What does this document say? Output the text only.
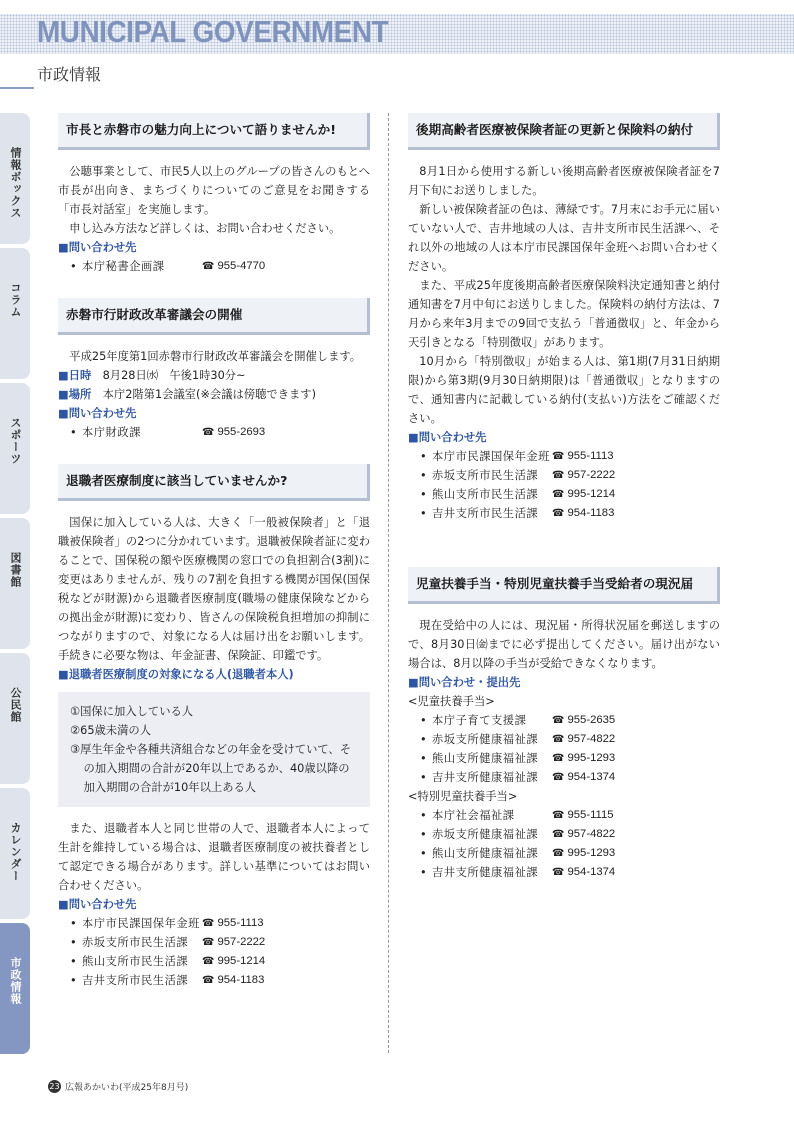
MUNICIPAL GOVERNMENT
市政情報
情報ボックス
コラム
スポーツ
図書館
公民館
カレンダー
市政情報
市長と赤磐市の魅力向上について語りませんか!

公聴事業として、市民5人以上のグループの皆さんのもとへ市長が出向き、まちづくりについてのご意見をお聞きする「市長対話室」を実施します。

申し込み方法など詳しくは、お問い合わせください。

■ 問い合わせ先

• 本庁秘書企画課	☎ 955-4770
赤磐市行財政改革審議会の開催

平成25年度第1回赤磐市行財政改革審議会を開催します。

■ 日時　8月28日㈬　午後1時30分~

■ 場所　本庁2階第1会議室(※会議は傍聴できます)

■ 問い合わせ先

• 本庁財政課	☎ 955-2693
退職者医療制度に該当していませんか?

国保に加入している人は、大きく「一般被保険者」と「退職被保険者」の2つに分かれています。退職被保険者証に変わることで、国保税の額や医療機関の窓口での負担割合(3割)に変更はありませんが、残りの7割を負担する機関が国保(国保税などが財源)から退職者医療制度(職場の健康保険などからの拠出金が財源)に変わり、皆さんの保険税負担増加の抑制につながりますので、対象になる人は届け出をお願いします。手続きに必要な物は、年金証書、保険証、印鑑です。

■ 退職者医療制度の対象になる人(退職者本人)

①国保に加入している人

②65歳未満の人

③厚生年金や各種共済組合などの年金を受けていて、その加入期間の合計が20年以上であるか、40歳以降の加入期間の合計が10年以上ある人

また、退職者本人と同じ世帯の人で、退職者本人によって生計を維持している場合は、退職者医療制度の被扶養者として認定できる場合があります。詳しい基準についてはお問い合わせください。

■ 問い合わせ先

• 本庁市民課国保年金班 ☎ 955-1113
• 赤坂支所市民生活課	☎ 957-2222
• 熊山支所市民生活課	☎ 995-1214
• 吉井支所市民生活課	☎ 954-1183
後期高齢者医療被保険者証の更新と保険料の納付

8月1日から使用する新しい後期高齢者医療被保険者証を7月下旬にお送りしました。

新しい被保険者証の色は、薄緑です。7月末にお手元に届いていない人で、吉井地域の人は、吉井支所市民生活課へ、それ以外の地域の人は本庁市民課国保年金班へお問い合わせください。

また、平成25年度後期高齢者医療保険料決定通知書と納付通知書を7月中旬にお送りしました。保険料の納付方法は、7月から来年3月までの9回で支払う「普通徴収」と、年金から天引きとなる「特別徴収」があります。

10月から「特別徴収」が始まる人は、第1期(7月31日納期限)から第3期(9月30日納期限)は「普通徴収」となりますので、通知書内に記載している納付(支払い)方法をご確認ください。

■ 問い合わせ先

• 本庁市民課国保年金班 ☎ 955-1113
• 赤坂支所市民生活課	☎ 957-2222
• 熊山支所市民生活課	☎ 995-1214
• 吉井支所市民生活課	☎ 954-1183
児童扶養手当・特別児童扶養手当受給者の現況届

現在受給中の人には、現況届・所得状況届を郵送しますので、8月30日㈮までに必ず提出してください。届け出がない場合は、8月以降の手当が受給できなくなります。

■ 問い合わせ・提出先

<児童扶養手当>

• 本庁子育て支援課	☎ 955-2635
• 赤坂支所健康福祉課	☎ 957-4822
• 熊山支所健康福祉課	☎ 995-1293
• 吉井支所健康福祉課	☎ 954-1374

<特別児童扶養手当>

• 本庁社会福祉課	☎ 955-1115
• 赤坂支所健康福祉課	☎ 957-4822
• 熊山支所健康福祉課	☎ 995-1293
• 吉井支所健康福祉課	☎ 954-1374
23 広報あかいわ(平成25年8月号)
